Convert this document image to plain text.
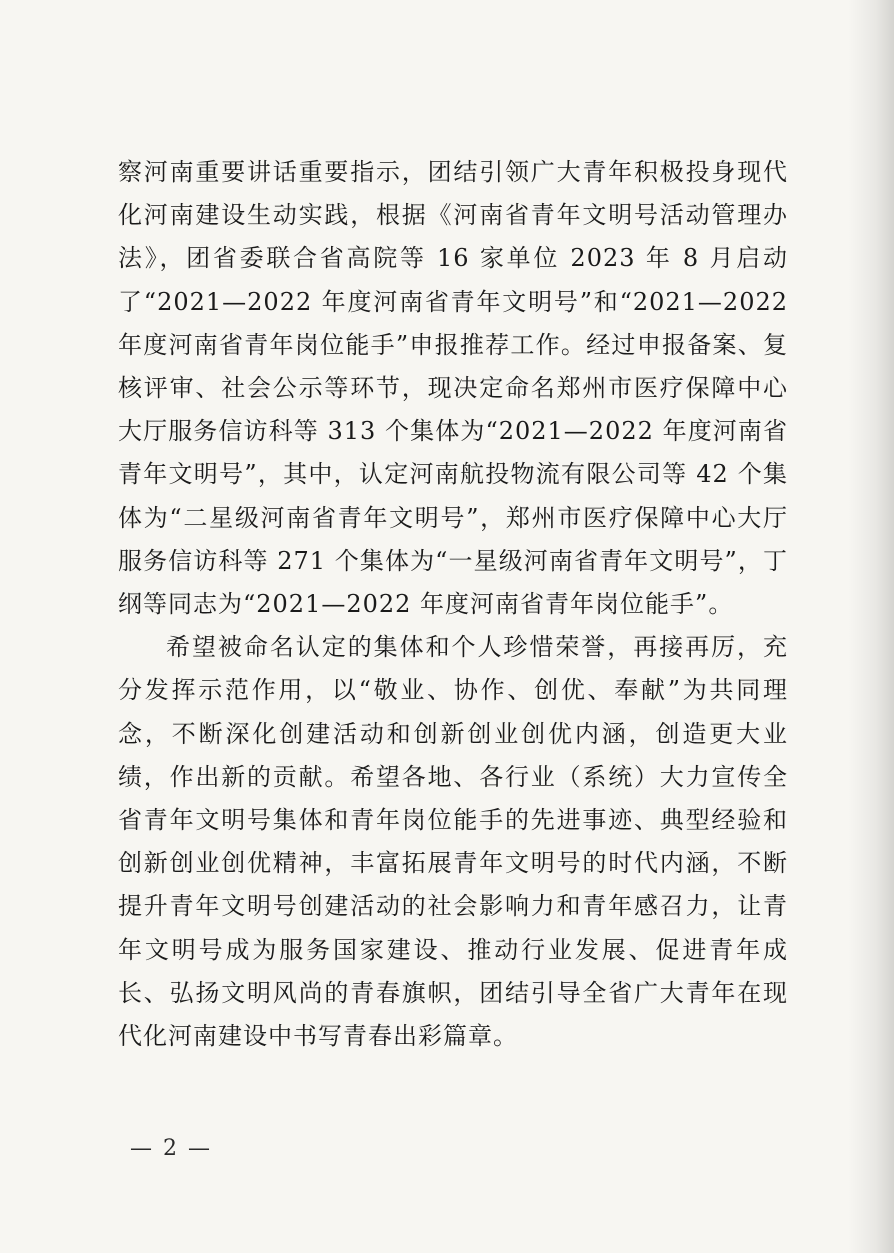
察河南重要讲话重要指示，团结引领广大青年积极投身现代化河南建设生动实践，根据《河南省青年文明号活动管理办法》，团省委联合省高院等 16 家单位 2023 年 8 月启动了“2021—2022 年度河南省青年文明号”和“2021—2022 年度河南省青年岗位能手”申报推荐工作。经过申报备案、复核评审、社会公示等环节，现决定命名郑州市医疗保障中心大厅服务信访科等 313 个集体为“2021—2022 年度河南省青年文明号”，其中，认定河南航投物流有限公司等 42 个集体为“二星级河南省青年文明号”，郑州市医疗保障中心大厅服务信访科等 271 个集体为“一星级河南省青年文明号”，丁纲等同志为“2021—2022 年度河南省青年岗位能手”。

希望被命名认定的集体和个人珍惜荣誉，再接再厉，充分发挥示范作用，以“敬业、协作、创优、奉献”为共同理念，不断深化创建活动和创新创业创优内涵，创造更大业绩，作出新的贡献。希望各地、各行业（系统）大力宣传全省青年文明号集体和青年岗位能手的先进事迹、典型经验和创新创业创优精神，丰富拓展青年文明号的时代内涵，不断提升青年文明号创建活动的社会影响力和青年感召力，让青年文明号成为服务国家建设、推动行业发展、促进青年成长、弘扬文明风尚的青春旗帜，团结引导全省广大青年在现代化河南建设中书写青春出彩篇章。

— 2 —
